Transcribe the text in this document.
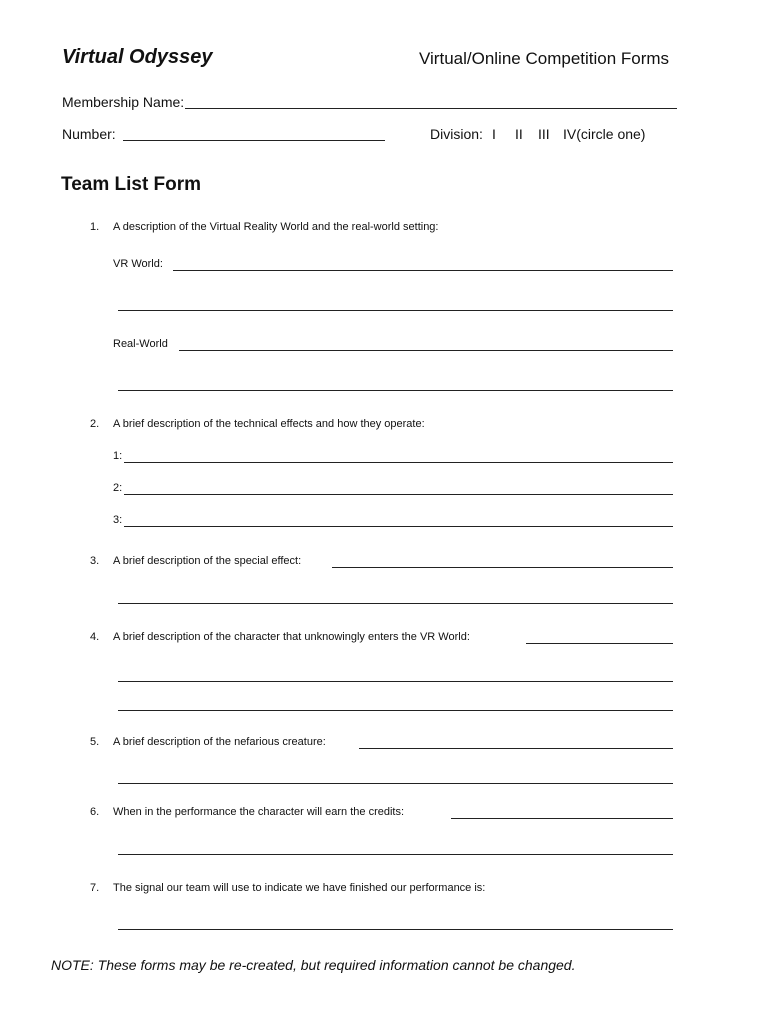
Virtual Odyssey	Virtual/Online Competition Forms
Membership Name:
Number:	Division: I II III IV(circle one)
Team List Form
1. A description of the Virtual Reality World and the real-world setting:
VR World:
Real-World
2. A brief description of the technical effects and how they operate:
1:
2:
3:
3. A brief description of the special effect:
4. A brief description of the character that unknowingly enters the VR World:
5. A brief description of the nefarious creature:
6. When in the performance the character will earn the credits:
7. The signal our team will use to indicate we have finished our performance is:
NOTE: These forms may be re-created, but required information cannot be changed.
